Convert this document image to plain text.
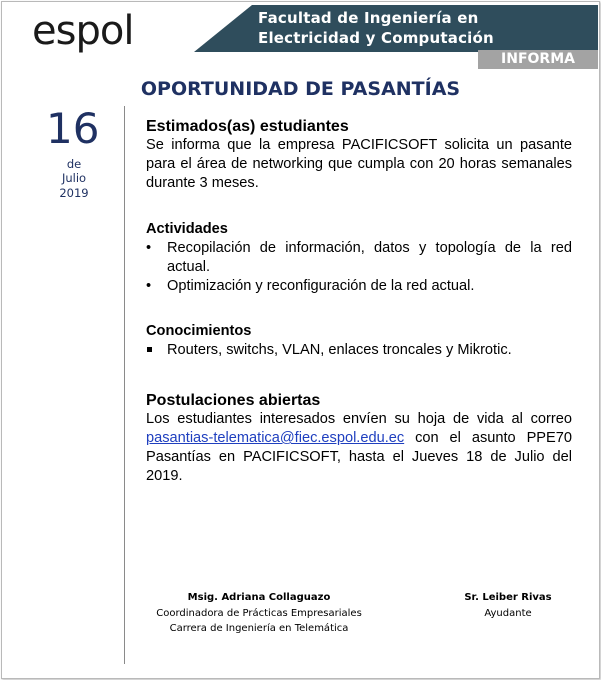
espol	Facultad de Ingeniería en
Electricidad y Computación
INFORMA
OPORTUNIDAD DE PASANTÍAS
16
de
Julio
2019
Estimados(as) estudiantes
Se informa que la empresa PACIFICSOFT solicita un pasante para el área de networking que cumpla con 20 horas semanales durante 3 meses.
Actividades
• Recopilación de información, datos y topología de la red actual.
• Optimización y reconfiguración de la red actual.
Conocimientos
Routers, switchs, VLAN, enlaces troncales y Mikrotic.
Postulaciones abiertas
Los estudiantes interesados envíen su hoja de vida al correo pasantias-telematica@fiec.espol.edu.ec con el asunto PPE70 Pasantías en PACIFICSOFT, hasta el Jueves 18 de Julio del 2019.
Msig. Adriana Collaguazo
Coordinadora de Prácticas Empresariales
Carrera de Ingeniería en Telemática
Sr. Leiber Rivas
Ayudante
